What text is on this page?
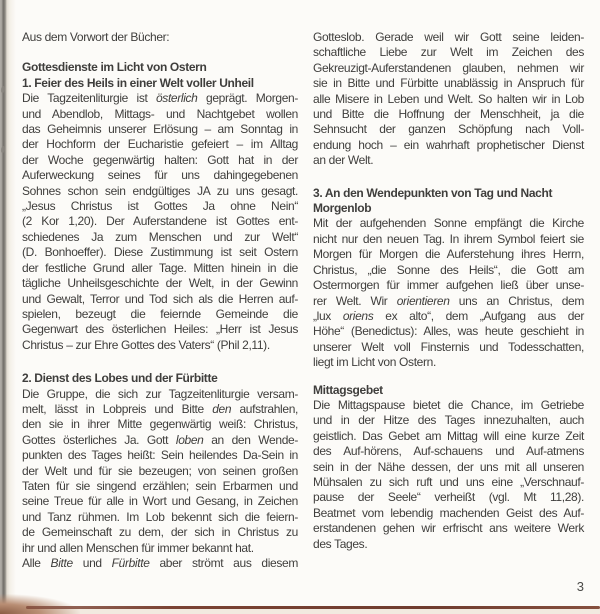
Aus dem Vorwort der Bücher:
Gottesdienste im Licht von Ostern
1. Feier des Heils in einer Welt voller Unheil
Die Tagzeitenliturgie ist österlich geprägt. Morgen-
und Abendlob, Mittags- und Nachtgebet wollen
das Geheimnis unserer Erlösung – am Sonntag in
der Hochform der Eucharistie gefeiert – im Alltag
der Woche gegenwärtig halten: Gott hat in der
Auferweckung seines für uns dahingegebenen
Sohnes schon sein endgültiges JA zu uns gesagt.
„Jesus Christus ist Gottes Ja ohne Nein“
(2 Kor 1,20). Der Auferstandene ist Gottes ent-
schiedenes Ja zum Menschen und zur Welt“
(D. Bonhoeffer). Diese Zustimmung ist seit Ostern
der festliche Grund aller Tage. Mitten hinein in die
tägliche Unheilsgeschichte der Welt, in der Gewinn
und Gewalt, Terror und Tod sich als die Herren auf-
spielen, bezeugt die feiernde Gemeinde die
Gegenwart des österlichen Heiles: „Herr ist Jesus
Christus – zur Ehre Gottes des Vaters“ (Phil 2,11).
2. Dienst des Lobes und der Fürbitte
Die Gruppe, die sich zur Tagzeitenliturgie versam-
melt, lässt in Lobpreis und Bitte den aufstrahlen,
den sie in ihrer Mitte gegenwärtig weiß: Christus,
Gottes österliches Ja. Gott loben an den Wende-
punkten des Tages heißt: Sein heilendes Da-Sein in
der Welt und für sie bezeugen; von seinen großen
Taten für sie singend erzählen; sein Erbarmen und
seine Treue für alle in Wort und Gesang, in Zeichen
und Tanz rühmen. Im Lob bekennt sich die feiern-
de Gemeinschaft zu dem, der sich in Christus zu
ihr und allen Menschen für immer bekannt hat.
Alle Bitte und Fürbitte aber strömt aus diesem
Gotteslob. Gerade weil wir Gott seine leiden-
schaftliche Liebe zur Welt im Zeichen des
Gekreuzigt-Auferstandenen glauben, nehmen wir
sie in Bitte und Fürbitte unablässig in Anspruch für
alle Misere in Leben und Welt. So halten wir in Lob
und Bitte die Hoffnung der Menschheit, ja die
Sehnsucht der ganzen Schöpfung nach Voll-
endung hoch – ein wahrhaft prophetischer Dienst
an der Welt.
3. An den Wendepunkten von Tag und Nacht
Morgenlob
Mit der aufgehenden Sonne empfängt die Kirche
nicht nur den neuen Tag. In ihrem Symbol feiert sie
Morgen für Morgen die Auferstehung ihres Herrn,
Christus, „die Sonne des Heils“, die Gott am
Ostermorgen für immer aufgehen ließ über unse-
rer Welt. Wir orientieren uns an Christus, dem
„lux oriens ex alto“, dem „Aufgang aus der
Höhe“ (Benedictus): Alles, was heute geschieht in
unserer Welt voll Finsternis und Todesschatten,
liegt im Licht von Ostern.
Mittagsgebet
Die Mittagspause bietet die Chance, im Getriebe
und in der Hitze des Tages innezuhalten, auch
geistlich. Das Gebet am Mittag will eine kurze Zeit
des Auf-hörens, Auf-schauens und Auf-atmens
sein in der Nähe dessen, der uns mit all unseren
Mühsalen zu sich ruft und uns eine „Verschnauf-
pause der Seele“ verheißt (vgl. Mt 11,28).
Beatmet vom lebendig machenden Geist des Auf-
erstandenen gehen wir erfrischt ans weitere Werk
des Tages.
3
